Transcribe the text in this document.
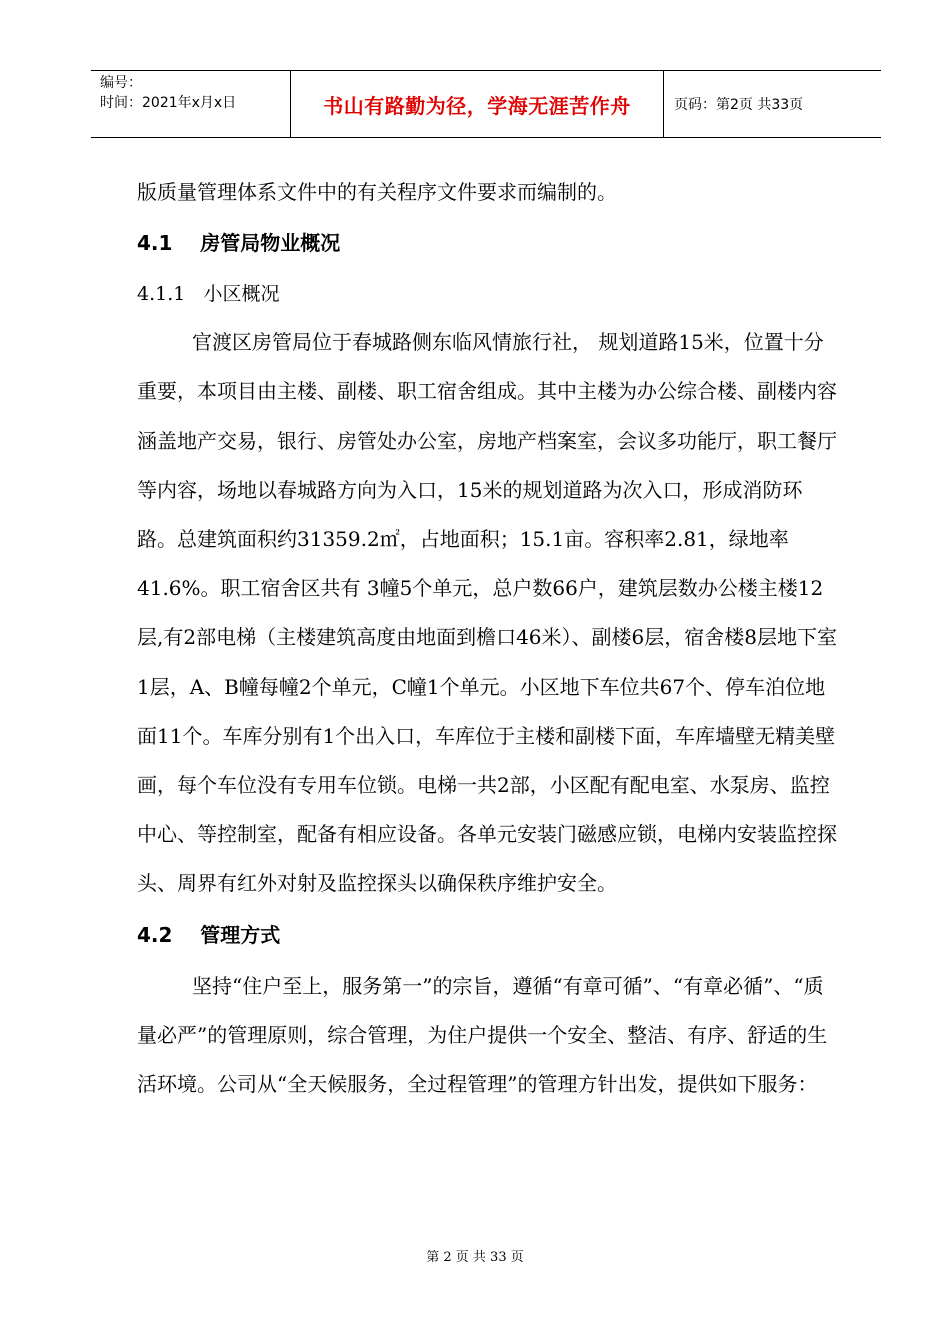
编号：
时间：2021年x月x日	书山有路勤为径，学海无涯苦作舟	页码：第2页 共33页

版质量管理体系文件中的有关程序文件要求而编制的。

4.1    房管局物业概况

4.1.1   小区概况

官渡区房管局位于春城路侧东临风情旅行社， 规划道路15米，位置十分重要，本项目由主楼、副楼、职工宿舍组成。其中主楼为办公综合楼、副楼内容涵盖地产交易，银行、房管处办公室，房地产档案室，会议多功能厅，职工餐厅等内容，场地以春城路方向为入口，15米的规划道路为次入口，形成消防环路。总建筑面积约31359.2㎡，占地面积；15.1亩。容积率2.81，绿地率41.6%。职工宿舍区共有 3幢5个单元，总户数66户，建筑层数办公楼主楼12层,有2部电梯（主楼建筑高度由地面到檐口46米）、副楼6层，宿舍楼8层地下室1层，A、B幢每幢2个单元，C幢1个单元。小区地下车位共67个、停车泊位地面11个。车库分别有1个出入口，车库位于主楼和副楼下面，车库墙壁无精美壁画，每个车位没有专用车位锁。电梯一共2部，小区配有配电室、水泵房、监控中心、等控制室，配备有相应设备。各单元安装门磁感应锁，电梯内安装监控探头、周界有红外对射及监控探头以确保秩序维护安全。

4.2    管理方式

坚持“住户至上，服务第一”的宗旨，遵循“有章可循”、“有章必循”、“质量必严”的管理原则，综合管理，为住户提供一个安全、整洁、有序、舒适的生活环境。公司从“全天候服务，全过程管理”的管理方针出发，提供如下服务：

第 2 页 共 33 页
